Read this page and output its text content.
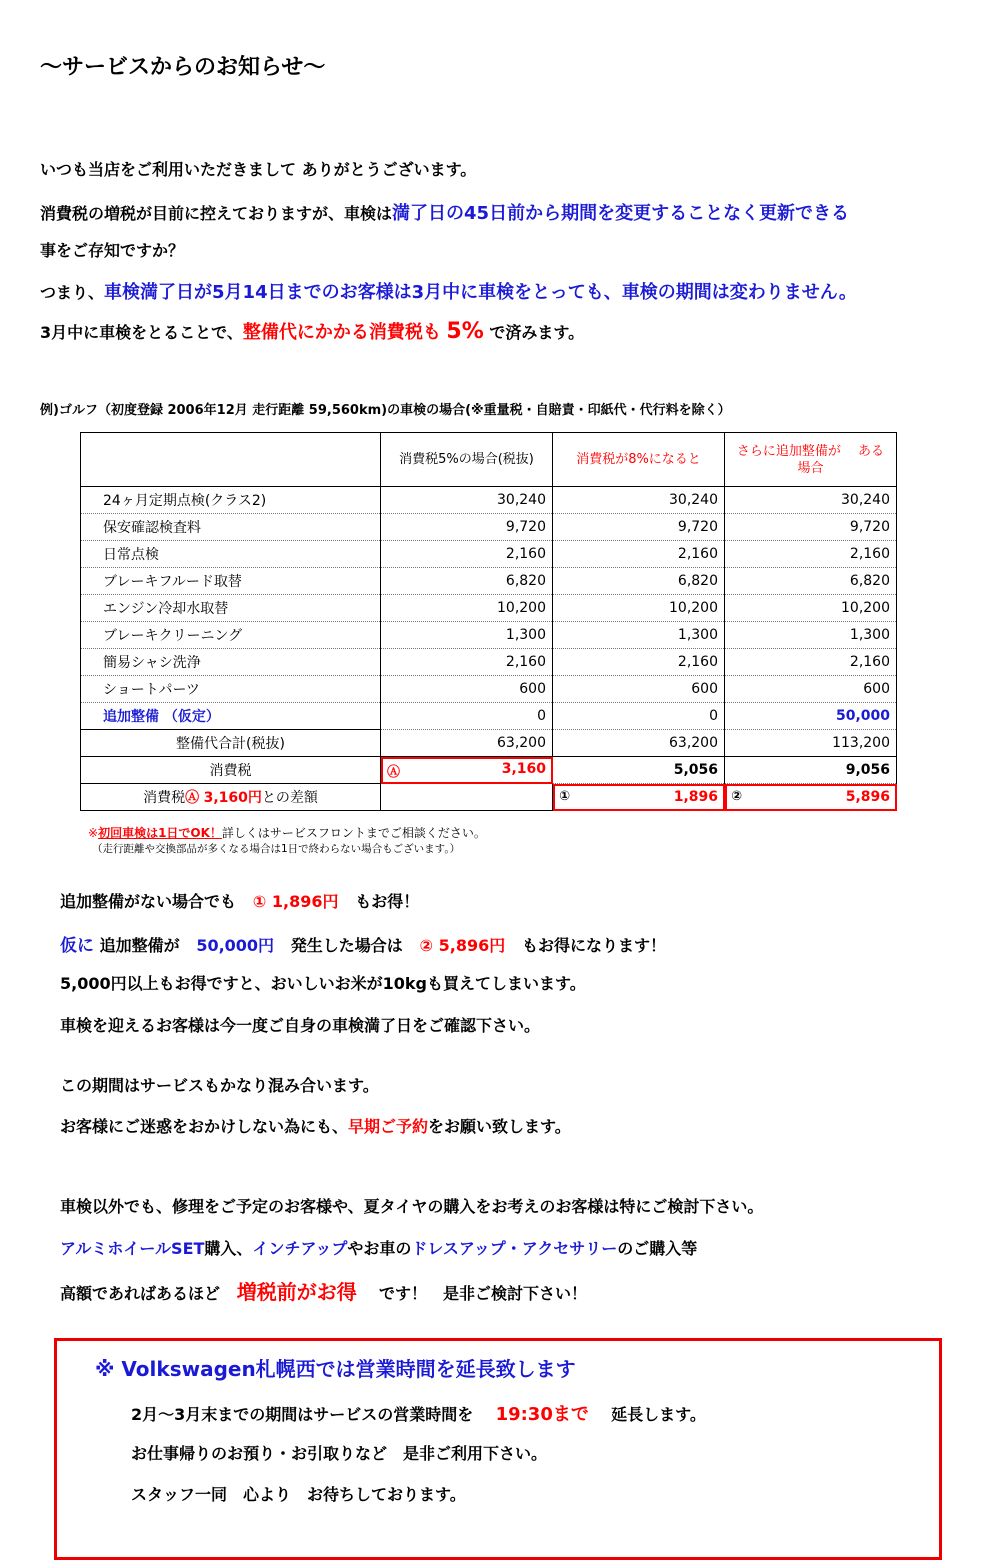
～サービスからのお知らせ～
いつも当店をご利用いただきまして ありがとうございます。
消費税の増税が目前に控えておりますが、車検は満了日の45日前から期間を変更することなく更新できる
事をご存知ですか？
つまり、車検満了日が5月14日までのお客様は3月中に車検をとっても、車検の期間は変わりません。
3月中に車検をとることで、整備代にかかる消費税も 5% で済みます。
例)ゴルフ（初度登録 2006年12月 走行距離 59,560km)の車検の場合(※重量税・自賠責・印紙代・代行料を除く）
	消費税5%の場合(税抜)	消費税が8%になると	さらに追加整備が　 ある場合
24ヶ月定期点検(クラス2)	30,240	30,240	30,240
保安確認検査料	9,720	9,720	9,720
日常点検	2,160	2,160	2,160
ブレーキフルード取替	6,820	6,820	6,820
エンジン冷却水取替	10,200	10,200	10,200
ブレーキクリーニング	1,300	1,300	1,300
簡易シャシ洗浄	2,160	2,160	2,160
ショートパーツ	600	600	600
追加整備 （仮定）	0	0	50,000
整備代合計(税抜)	63,200	63,200	113,200
消費税	Ⓐ 3,160	5,056	9,056
消費税Ⓐ 3,160円との差額		① 1,896	② 5,896
※初回車検は1日でOK！詳しくはサービスフロントまでご相談ください。
（走行距離や交換部品が多くなる場合は1日で終わらない場合もございます。）
追加整備がない場合でも ① 1,896円 もお得！
仮に 追加整備が 50,000円 発生した場合は ② 5,896円 もお得になります！
5,000円以上もお得ですと、おいしいお米が10kgも買えてしまいます。
車検を迎えるお客様は今一度ご自身の車検満了日をご確認下さい。
この期間はサービスもかなり混み合います。
お客様にご迷惑をおかけしない為にも、早期ご予約をお願い致します。
車検以外でも、修理をご予定のお客様や、夏タイヤの購入をお考えのお客様は特にご検討下さい。
アルミホイールSET購入、インチアップやお車のドレスアップ・アクセサリーのご購入等
高額であればあるほど 増税前がお得 です！　是非ご検討下さい！
※ Volkswagen札幌西では営業時間を延長致します
2月～3月末までの期間はサービスの営業時間を 19:30まで 延長します。
お仕事帰りのお預り・お引取りなど　是非ご利用下さい。
スタッフ一同　心より　お待ちしております。
